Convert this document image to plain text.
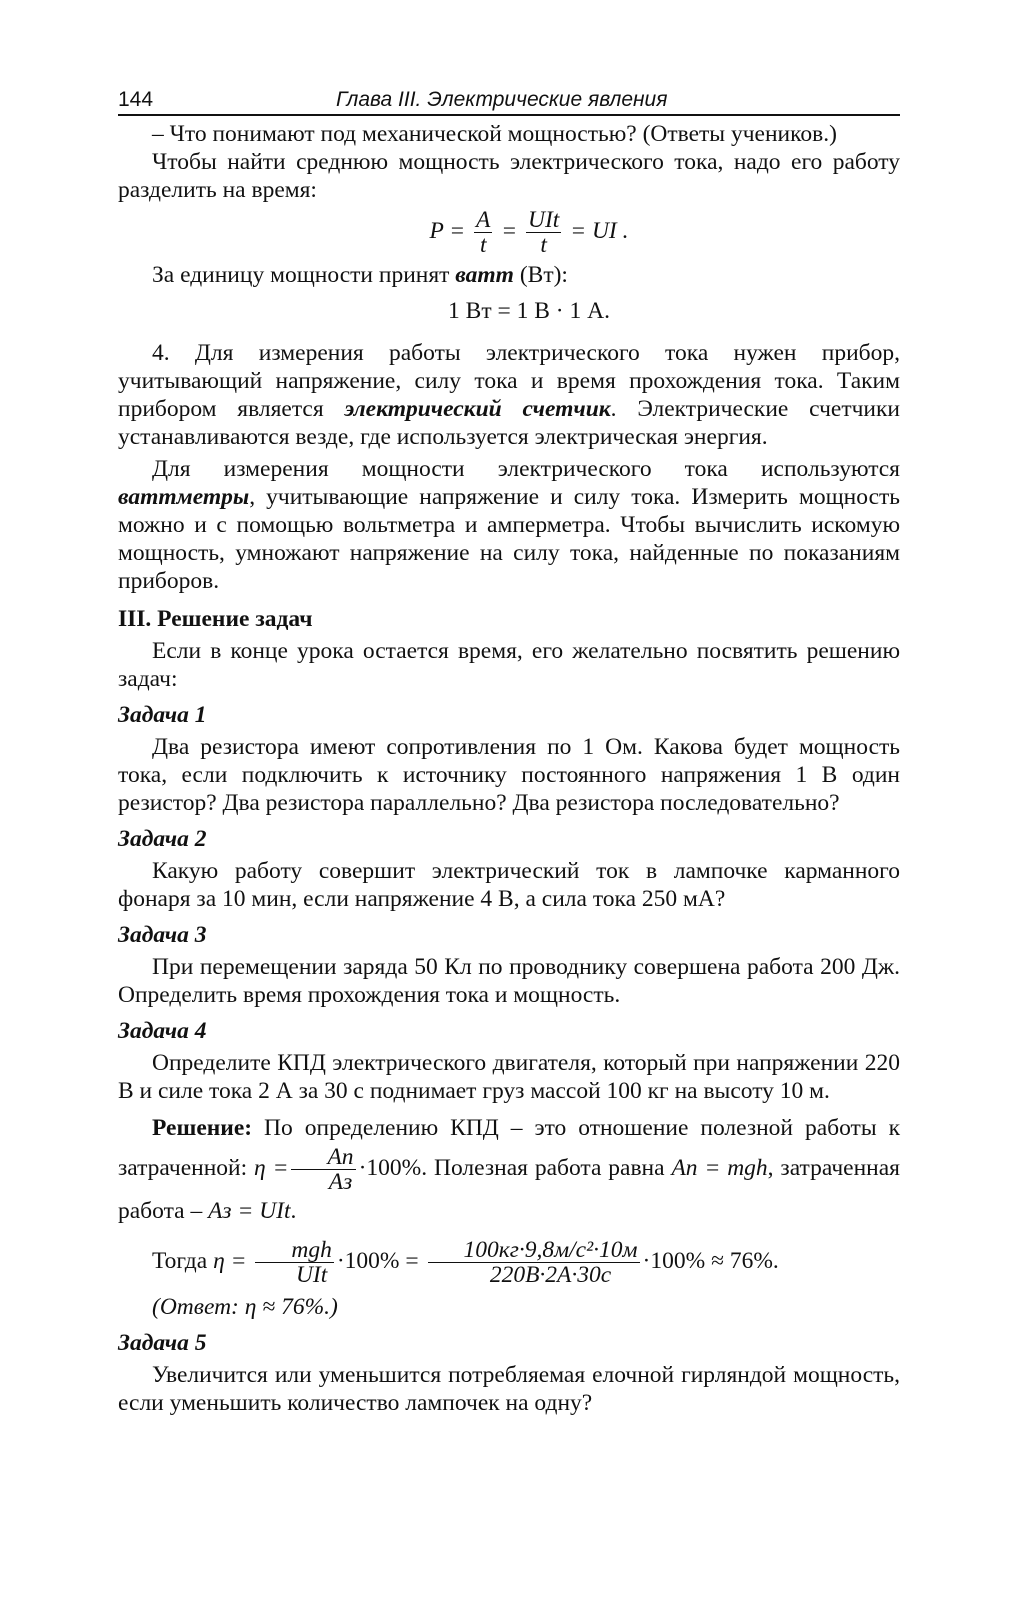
144	Глава III. Электрические явления

– Что понимают под механической мощностью? (Ответы учеников.)

Чтобы найти среднюю мощность электрического тока, надо его работу разделить на время:

$P = \frac{A}{t} = \frac{\text{UIt}}{t}$ = UI .

За единицу мощности принят ватт (Вт):

1 Вт = 1 В · 1 А.

4. Для измерения работы электрического тока нужен прибор, учитывающий напряжение, силу тока и время прохождения тока. Таким прибором является электрический счетчик. Электрические счетчики устанавливаются везде, где используется электрическая энергия.

Для измерения мощности электрического тока используются ваттметры, учитывающие напряжение и силу тока. Измерить мощность можно и с помощью вольтметра и амперметра. Чтобы вычислить искомую мощность, умножают напряжение на силу тока, найденные по показаниям приборов.

III. Решение задач

Если в конце урока остается время, его желательно посвятить решению задач:

Задача 1

Два резистора имеют сопротивления по 1 Ом. Какова будет мощность тока, если подключить к источнику постоянного напряжения 1 В один резистор? Два резистора параллельно? Два резистора последовательно?

Задача 2

Какую работу совершит электрический ток в лампочке карманного фонаря за 10 мин, если напряжение 4 В, а сила тока 250 мА?

Задача 3

При перемещении заряда 50 Кл по проводнику совершена работа 200 Дж. Определить время прохождения тока и мощность.

Задача 4

Определите КПД электрического двигателя, который при напряжении 220 В и силе тока 2 А за 30 с поднимает груз массой 100 кг на высоту 10 м.

Решение: По определению КПД – это отношение полезной работы к затраченной: $\eta = \frac{Aп}{Aз} \cdot 100\%$. Полезная работа равна Aп = mgh, затраченная работа – Aз = UIt.

Тогда $\eta = \frac{\text{mgh}}{\text{UIt}} \cdot 100\% = \frac{\text{100кг·9,8м/с²·10м}}{220В\cdot 2А\cdot 30с} \cdot 100\% \approx 76\%$.

(Ответ: η ≈ 76%.)

Задача 5

Увеличится или уменьшится потребляемая елочной гирляндой мощность, если уменьшить количество лампочек на одну?
